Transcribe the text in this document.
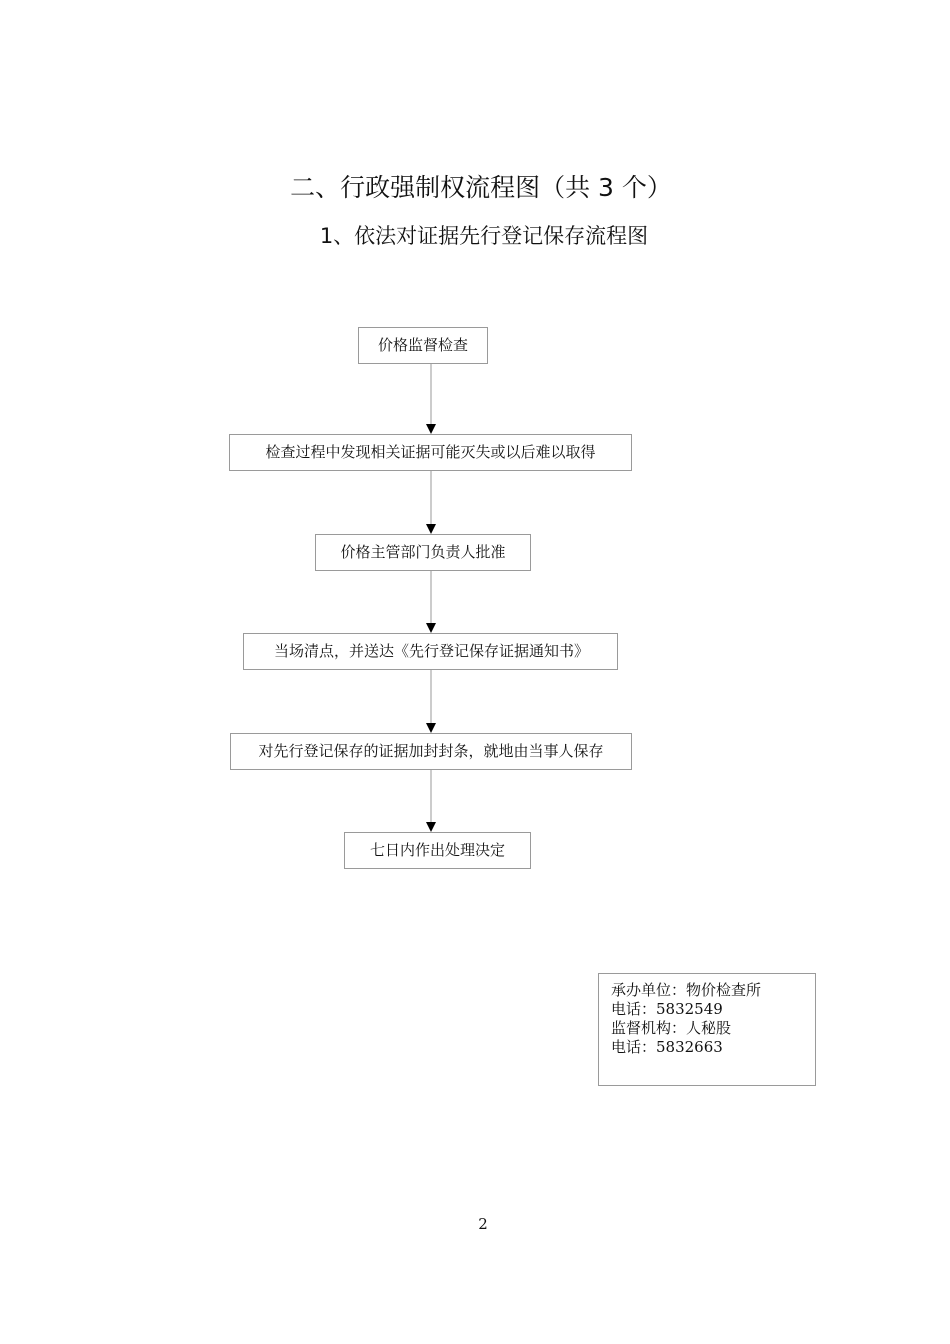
二、行政强制权流程图（共 3 个）
1、依法对证据先行登记保存流程图
价格监督检查
检查过程中发现相关证据可能灭失或以后难以取得
价格主管部门负责人批准
当场清点，并送达《先行登记保存证据通知书》
对先行登记保存的证据加封封条，就地由当事人保存
七日内作出处理决定
承办单位：物价检查所
电话：5832549
监督机构：人秘股
电话：5832663
2
